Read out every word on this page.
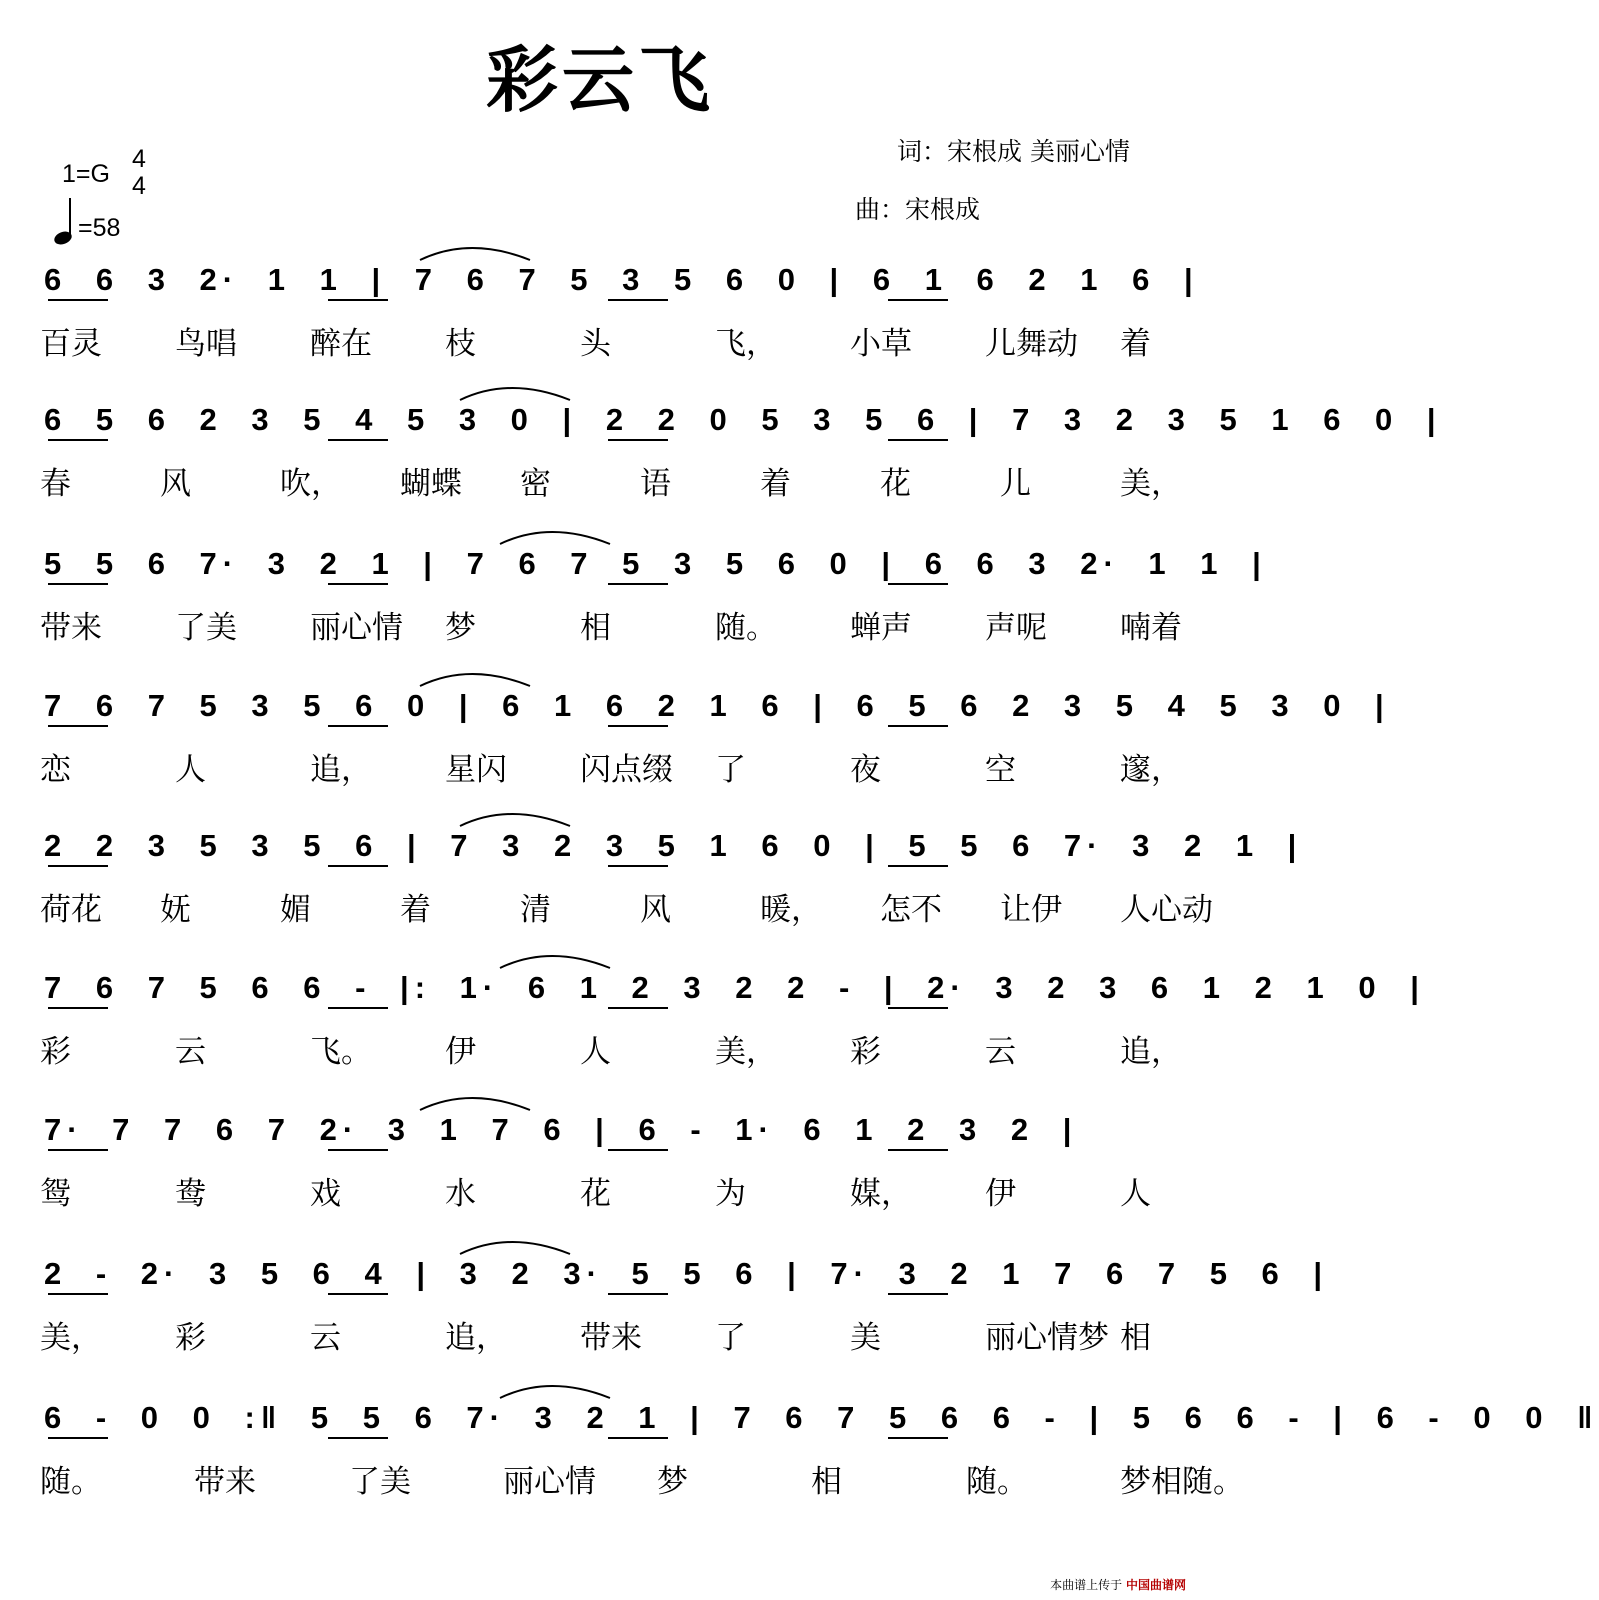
彩云飞
词：宋根成 美丽心情
曲：宋根成
1=G
4
4
=58
6 6 3 2· 1 1 | 7 6 7 5 3 5 6 0 | 6 1 6 2 1 6 |
百灵 鸟唱 醉在 枝	头	飞， 小草 儿舞动 着
6 5 6 2 3 5 4 5 3 0 | 2 2 0 5 3 5 6 | 7 3 2 3 5 1 6 0 |
春	风	吹， 蝴蝶 密	语	着	花	儿	美，
5 5 6 7· 3 2 1 | 7 6 7 5 3 5 6 0 | 6 6 3 2· 1 1 |
带来 了美 丽心情 梦	相	随。 蝉声 声呢 喃着
7 6 7 5 3 5 6 0 | 6 1 6 2 1 6 | 6 5 6 2 3 5 4 5 3 0 |
恋	人	追， 星闪 闪点缀 了	夜	空	邃，
2 2 3 5 3 5 6 | 7 3 2 3 5 1 6 0 | 5 5 6 7· 3 2 1 |
荷花 妩	媚	着	清	风	暖， 怎不 让伊 人心动
7 6 7 5 6 6 - |: 1· 6 1 2 3 2 2 - | 2· 3 2 3 6 1 2 1 0 |
彩	云	飞。 伊	人	美， 彩	云	追，
7· 7 7 6 7 2· 3 1 7 6 | 6 - 1· 6 1 2 3 2 |
鸳	鸯	戏	水	花	为	媒， 伊	人
2 - 2· 3 5 6 4 | 3 2 3· 5 5 6 | 7· 3 2 1 7 6 7 5 6 |
美， 彩	云	追， 带来 了	美	丽心情梦 相
6 - 0 0 :‖ 5 5 6 7· 3 2 1 | 7 6 7 5 6 6 - | 5 6 6 - | 6 - 0 0 ‖
随。	带来	了美	丽心情 梦	相	随。	梦相随。
本曲谱上传于 中国曲谱网
